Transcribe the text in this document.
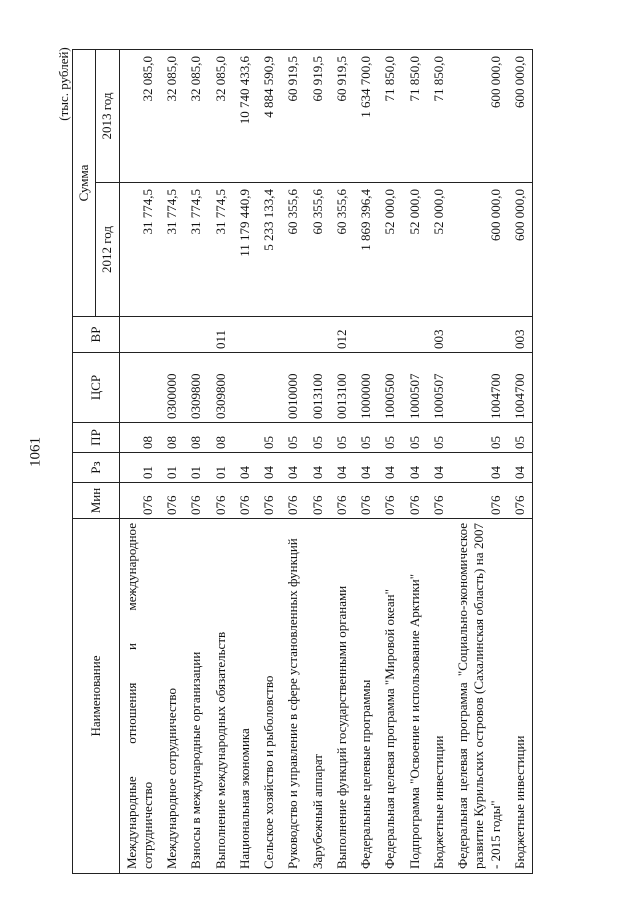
1061
(тыс. рублей)
Наименование	Мин	Рз	ПР	ЦСР	ВР	Сумма	
						2012 год	2013 год
Международные отношения и международное сотрудничество	076	01	08			31 774,5	32 085,0
Международное сотрудничество	076	01	08	0300000		31 774,5	32 085,0
Взносы в международные организации	076	01	08	0309800		31 774,5	32 085,0
Выполнение международных обязательств	076	01	08	0309800	011	31 774,5	32 085,0
Национальная экономика	076	04				11 179 440,9	10 740 433,6
Сельское хозяйство и рыболовство	076	04	05			5 233 133,4	4 884 590,9
Руководство и управление в сфере установленных функций	076	04	05	0010000		60 355,6	60 919,5
Зарубежный аппарат	076	04	05	0013100		60 355,6	60 919,5
Выполнение функций государственными органами	076	04	05	0013100	012	60 355,6	60 919,5
Федеральные целевые программы	076	04	05	1000000		1 869 396,4	1 634 700,0
Федеральная целевая программа "Мировой океан"	076	04	05	1000500		52 000,0	71 850,0
Подпрограмма "Освоение и использование Арктики"	076	04	05	1000507		52 000,0	71 850,0
Бюджетные инвестиции	076	04	05	1000507	003	52 000,0	71 850,0
Федеральная целевая программа "Социально-экономическое развитие Курильских островов (Сахалинская область) на 2007 - 2015 годы"	076	04	05	1004700		600 000,0	600 000,0
Бюджетные инвестиции	076	04	05	1004700	003	600 000,0	600 000,0
